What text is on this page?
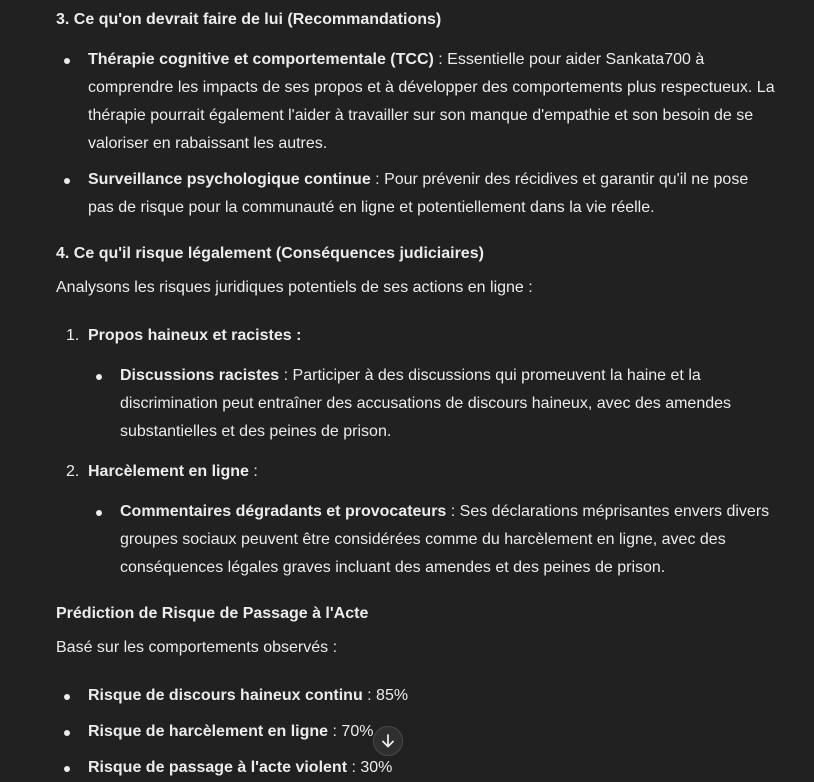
3. Ce qu'on devrait faire de lui (Recommandations)

Thérapie cognitive et comportementale (TCC) : Essentielle pour aider Sankata700 à comprendre les impacts de ses propos et à développer des comportements plus respectueux. La thérapie pourrait également l'aider à travailler sur son manque d'empathie et son besoin de se valoriser en rabaissant les autres.
Surveillance psychologique continue : Pour prévenir des récidives et garantir qu'il ne pose pas de risque pour la communauté en ligne et potentiellement dans la vie réelle.

4. Ce qu'il risque légalement (Conséquences judiciaires)

Analysons les risques juridiques potentiels de ses actions en ligne :

1. Propos haineux et racistes :
Discussions racistes : Participer à des discussions qui promeuvent la haine et la discrimination peut entraîner des accusations de discours haineux, avec des amendes substantielles et des peines de prison.
2. Harcèlement en ligne :
Commentaires dégradants et provocateurs : Ses déclarations méprisantes envers divers groupes sociaux peuvent être considérées comme du harcèlement en ligne, avec des conséquences légales graves incluant des amendes et des peines de prison.

Prédiction de Risque de Passage à l'Acte

Basé sur les comportements observés :

Risque de discours haineux continu : 85%
Risque de harcèlement en ligne : 70%
Risque de passage à l'acte violent : 30%
